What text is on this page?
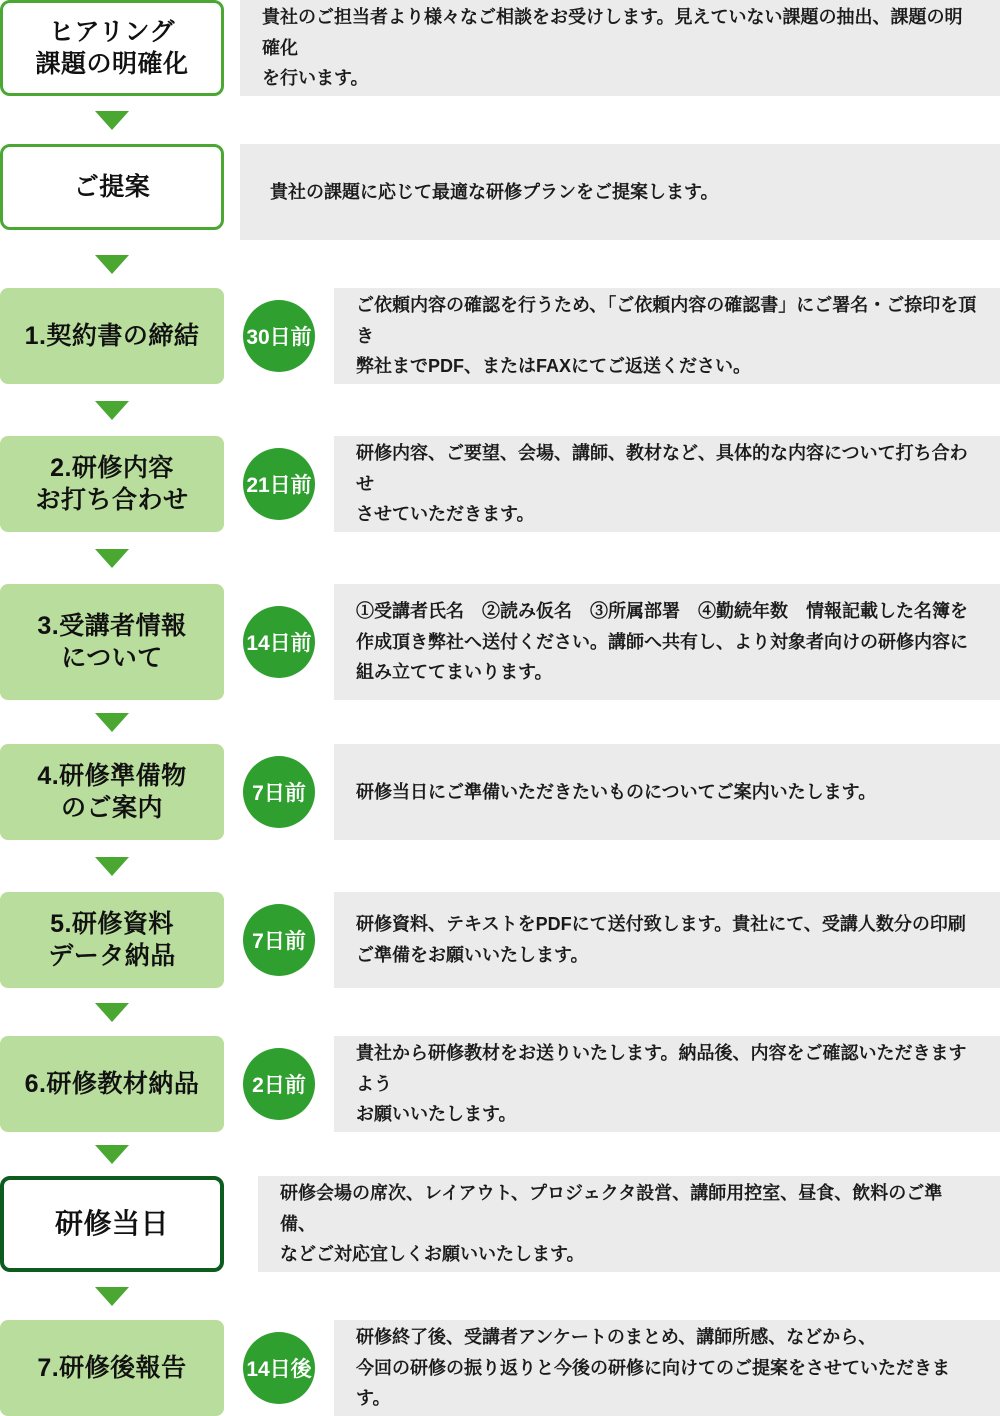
ヒアリング
課題の明確化

貴社のご担当者より様々なご相談をお受けします。見えていない課題の抽出、課題の明確化

を行います。

ご提案	貴社の課題に応じて最適な研修プランをご提案します。

1.契約書の締結 30日前

ご依頼内容の確認を行うため、「ご依頼内容の確認書」にご署名・ご捺印を頂き

弊社までPDF、またはFAXにてご返送ください。

2.研修内容
お打ち合わせ
21日前

研修内容、ご要望、会場、講師、教材など、具体的な内容について打ち合わせ

させていただきます。

3.受講者情報
について
14日前

①受講者氏名　②読み仮名　③所属部署　④勤続年数　情報記載した名簿を

作成頂き弊社へ送付ください。講師へ共有し、より対象者向けの研修内容に

組み立ててまいります。

4.研修準備物
のご案内
7日前	研修当日にご準備いただきたいものについてご案内いたします。

5.研修資料
データ納品
7日前

研修資料、テキストをPDFにて送付致します。貴社にて、受講人数分の印刷

ご準備をお願いいたします。

6.研修教材納品	2日前

貴社から研修教材をお送りいたします。納品後、内容をご確認いただきますよう

お願いいたします。

研修当日

研修会場の席次、レイアウト、プロジェクタ設営、講師用控室、昼食、飲料のご準備、

などご対応宜しくお願いいたします。

7.研修後報告	14日後

研修終了後、受講者アンケートのまとめ、講師所感、などから、

今回の研修の振り返りと今後の研修に向けてのご提案をさせていただきます。
